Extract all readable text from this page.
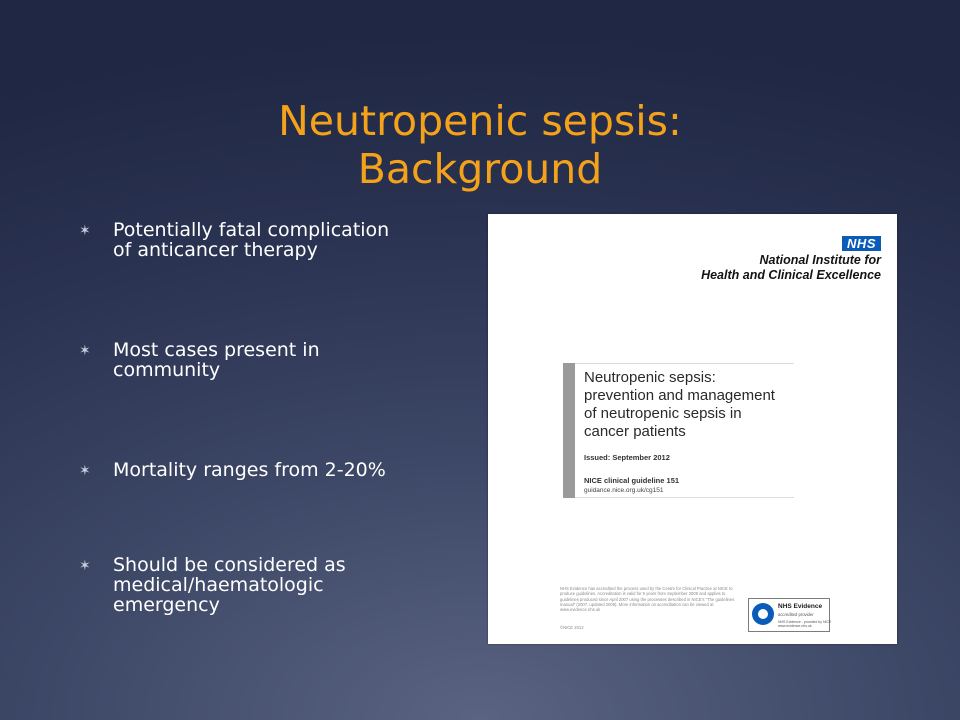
Neutropenic sepsis:
Background
✶ Potentially fatal complication
of anticancer therapy
✶ Most cases present in
community
✶ Mortality ranges from 2-20%
✶ Should be considered as
medical/haematologic
emergency
NHS
National Institute for
Health and Clinical Excellence
Neutropenic sepsis:
prevention and management
of neutropenic sepsis in
cancer patients
Issued: September 2012
NICE clinical guideline 151
guidance.nice.org.uk/cg151
NHS Evidence has accredited the process used by the Centre for Clinical Practice at NICE to produce guidelines. Accreditation is valid for 5 years from September 2009 and applies to guidelines produced since April 2007 using the processes described in NICE's "The guidelines manual" (2007, updated 2009). More information on accreditation can be viewed at www.evidence.nhs.uk
©NICE 2012
NHS Evidence
accredited provider
NHS Evidence - provided by NICE
www.evidence.nhs.uk
